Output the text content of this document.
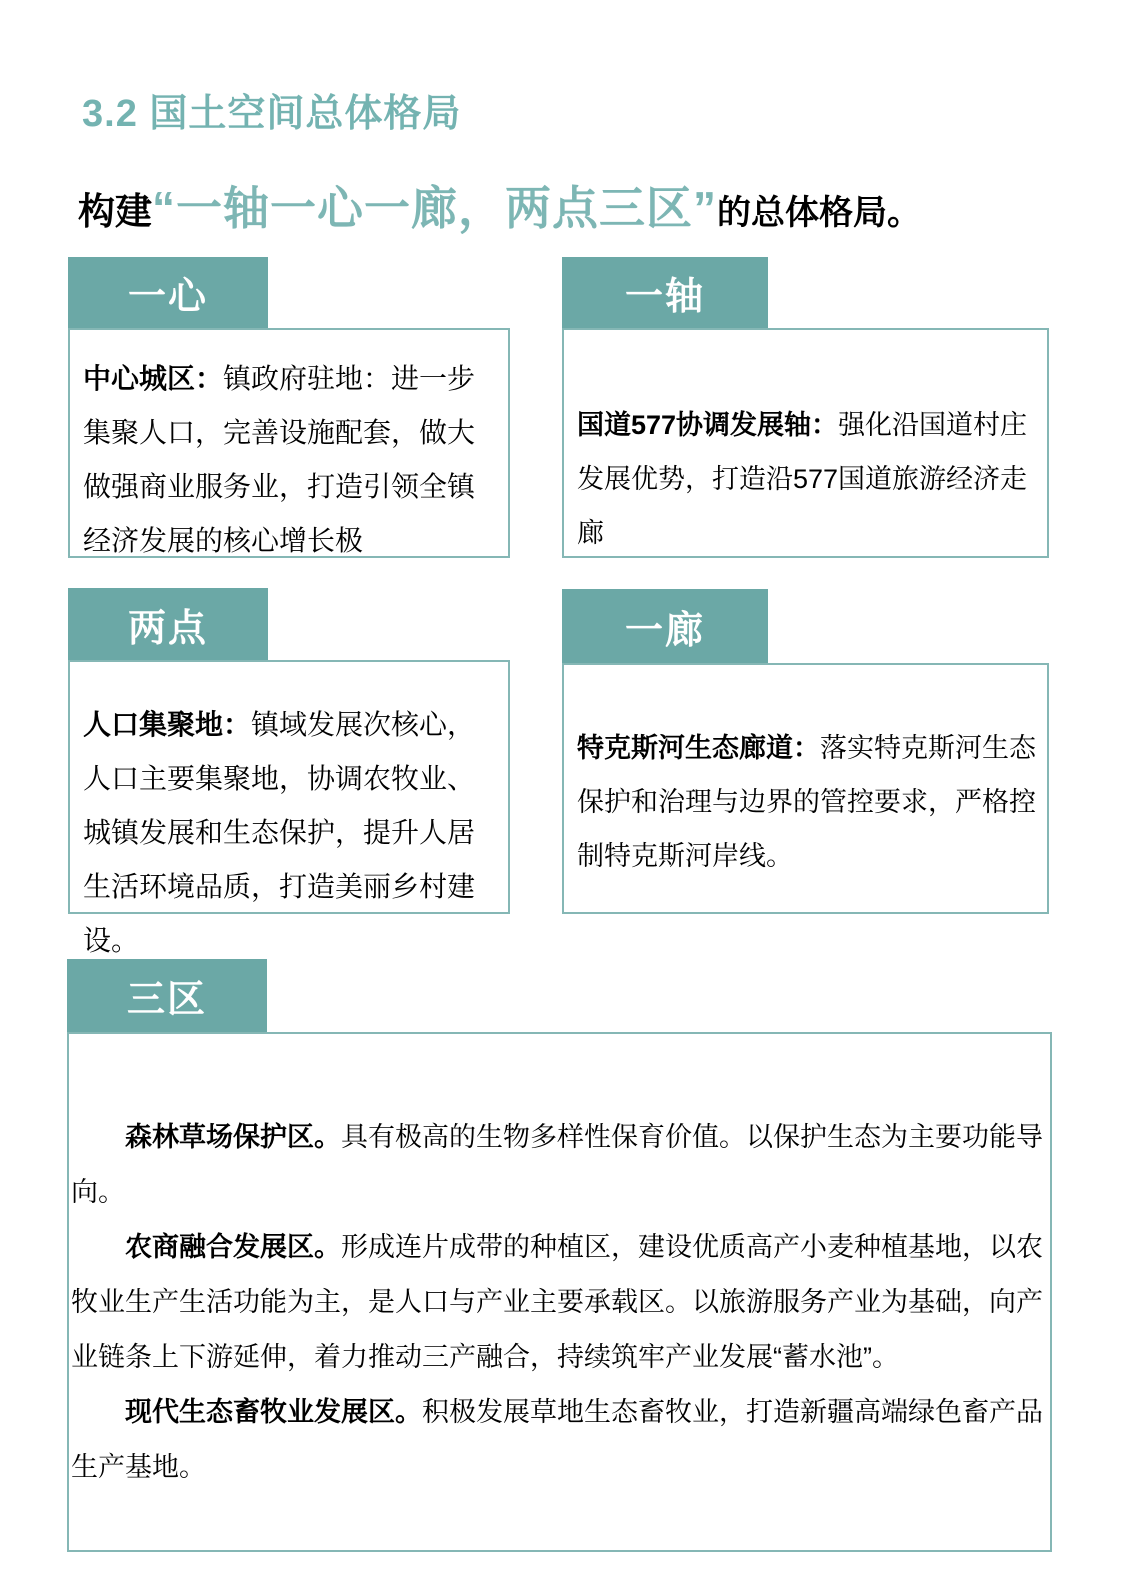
3.2 国土空间总体格局
构建“一轴一心一廊，两点三区”的总体格局。
一心

中心城区：镇政府驻地：进一步集聚人口，完善设施配套，做大做强商业服务业，打造引领全镇经济发展的核心增长极

一轴

国道577协调发展轴：强化沿国道村庄发展优势，打造沿577国道旅游经济走廊

两点

人口集聚地：镇域发展次核心，人口主要集聚地，协调农牧业、城镇发展和生态保护，提升人居生活环境品质，打造美丽乡村建设。

一廊

特克斯河生态廊道：落实特克斯河生态保护和治理与边界的管控要求，严格控制特克斯河岸线。

三区

森林草场保护区。具有极高的生物多样性保育价值。以保护生态为主要功能导向。

农商融合发展区。形成连片成带的种植区，建设优质高产小麦种植基地，以农牧业生产生活功能为主，是人口与产业主要承载区。以旅游服务产业为基础，向产业链条上下游延伸，着力推动三产融合，持续筑牢产业发展“蓄水池”。

现代生态畜牧业发展区。积极发展草地生态畜牧业，打造新疆高端绿色畜产品生产基地。
